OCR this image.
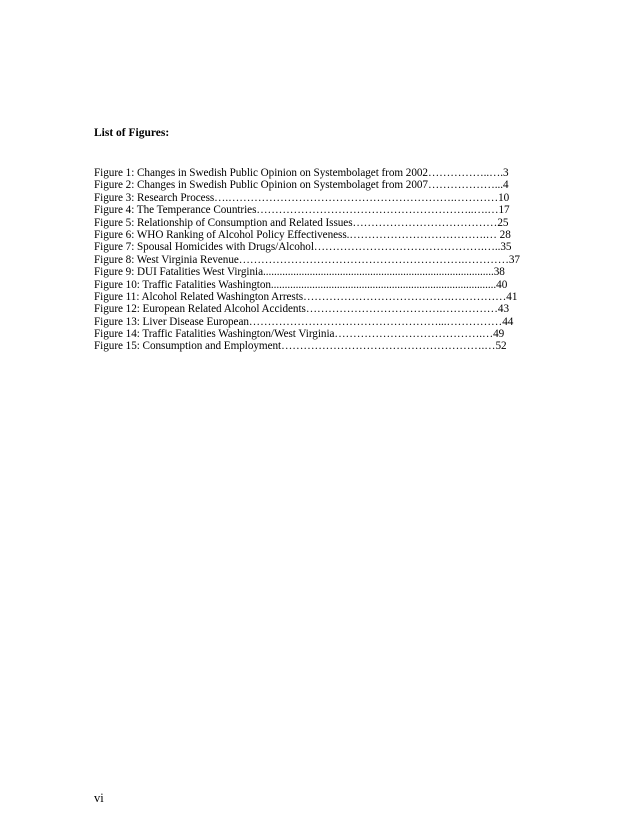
List of Figures:
Figure 1: Changes in Swedish Public Opinion on Systembolaget from 2002……………..….3
Figure 2: Changes in Swedish Public Opinion on Systembolaget from 2007………………...4
Figure 3: Research Process….…………………………………………………….…………10
Figure 4: The Temperance Countries…………………………………………………..….…17
Figure 5: Relationship of Consumption and Related Issues…………………………………25
Figure 6: WHO Ranking of Alcohol Policy Effectiveness.……………………………….… 28
Figure 7: Spousal Homicides with Drugs/Alcohol……………………………………….…..35
Figure 8: West Virginia Revenue…………………………………………………….…………37
Figure 9: DUI Fatalities West Virginia....................................................................................38
Figure 10: Traffic Fatalities Washington..................................................................................40
Figure 11: Alcohol Related Washington Arrests………………………………….……………41
Figure 12: European Related Alcohol Accidents……………………………….……………43
Figure 13: Liver Disease European……………………………………………...……………44
Figure 14: Traffic Fatalities Washington/West Virginia………………………………….…49
Figure 15: Consumption and Employment……………………………………………….…52
vi
